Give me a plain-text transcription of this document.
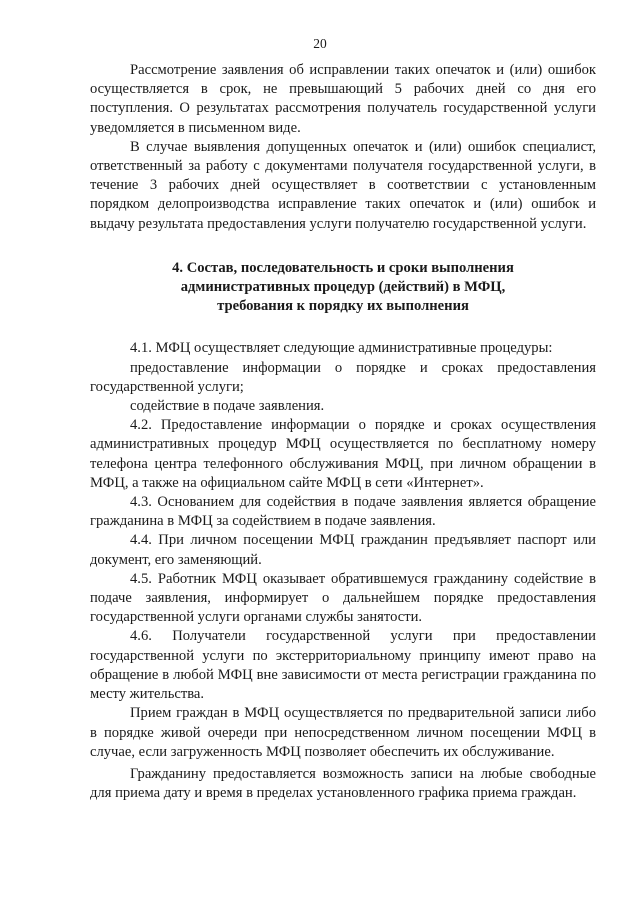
20

Рассмотрение заявления об исправлении таких опечаток и (или) ошибок осуществляется в срок, не превышающий 5 рабочих дней со дня его поступления. О результатах рассмотрения получатель государственной услуги уведомляется в письменном виде.

В случае выявления допущенных опечаток и (или) ошибок специалист, ответственный за работу с документами получателя государственной услуги, в течение 3 рабочих дней осуществляет в соответствии с установленным порядком делопроизводства исправление таких опечаток и (или) ошибок и выдачу результата предоставления услуги получателю государственной услуги.

4. Состав, последовательность и сроки выполнения
административных процедур (действий) в МФЦ,
требования к порядку их выполнения

4.1. МФЦ осуществляет следующие административные процедуры:

предоставление информации о порядке и сроках предоставления государственной услуги;

содействие в подаче заявления.

4.2. Предоставление информации о порядке и сроках осуществления административных процедур МФЦ осуществляется по бесплатному номеру телефона центра телефонного обслуживания МФЦ, при личном обращении в МФЦ, а также на официальном сайте МФЦ в сети «Интернет».

4.3. Основанием для содействия в подаче заявления является обращение гражданина в МФЦ за содействием в подаче заявления.

4.4. При личном посещении МФЦ гражданин предъявляет паспорт или документ, его заменяющий.

4.5. Работник МФЦ оказывает обратившемуся гражданину содействие в подаче заявления, информирует о дальнейшем порядке предоставления государственной услуги органами службы занятости.

4.6. Получатели государственной услуги при предоставлении государственной услуги по экстерриториальному принципу имеют право на обращение в любой МФЦ вне зависимости от места регистрации гражданина по месту жительства.

Прием граждан в МФЦ осуществляется по предварительной записи либо в порядке живой очереди при непосредственном личном посещении МФЦ в случае, если загруженность МФЦ позволяет обеспечить их обслуживание.

Гражданину предоставляется возможность записи на любые свободные для приема дату и время в пределах установленного графика приема граждан.
